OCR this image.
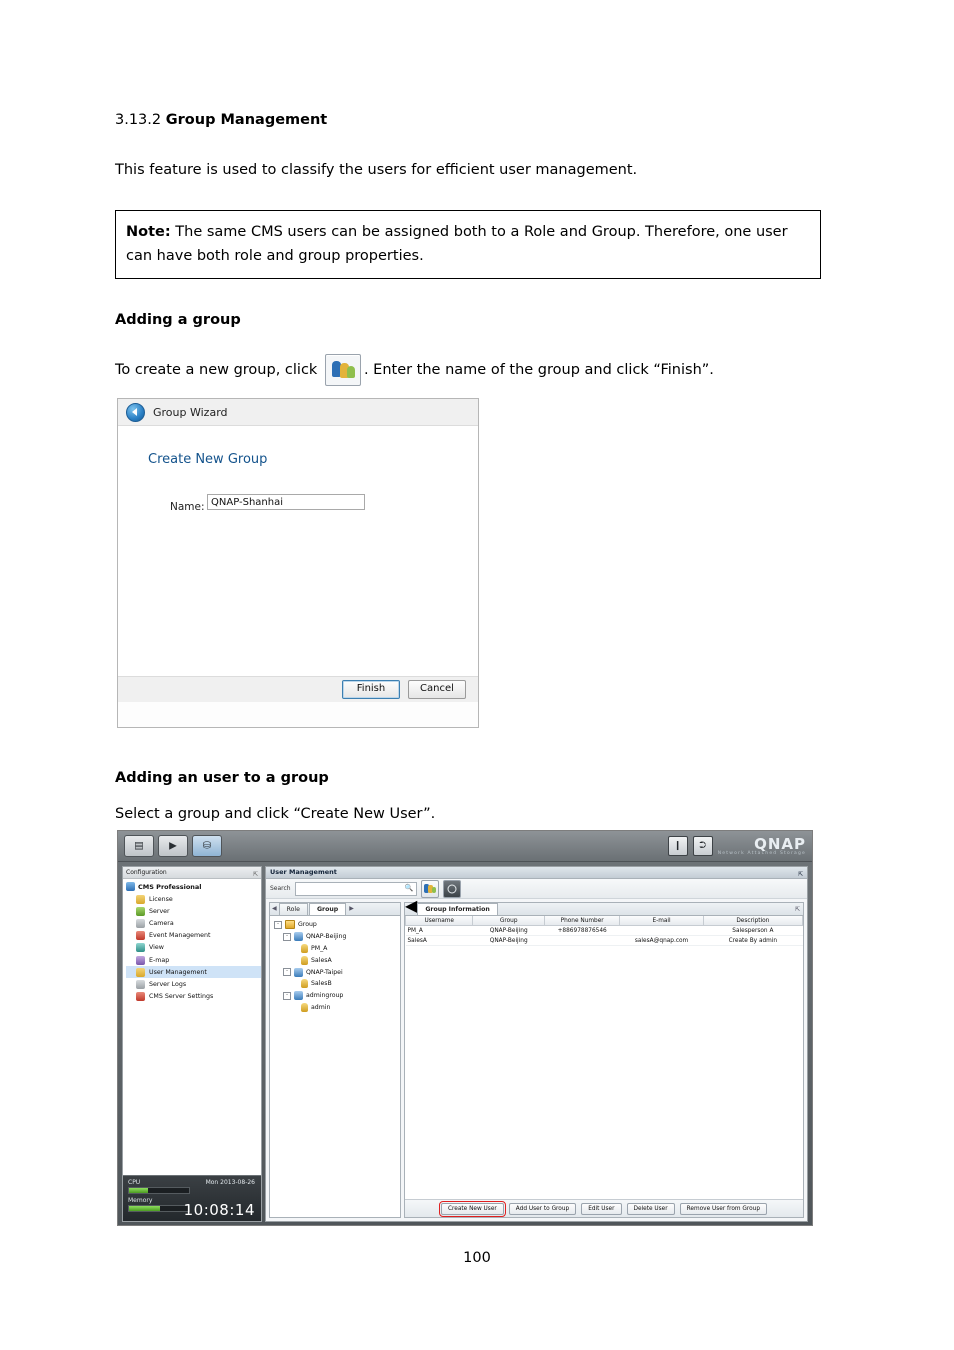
3.13.2 Group Management

This feature is used to classify the users for efficient user management.

Note: The same CMS users can be assigned both to a Role and Group. Therefore, one user can have both role and group properties.
Adding a group

To create a new group, click	. Enter the name of the group and click “Finish”.

Group Wizard
Create New Group
Name: QNAP-Shanhai
Finish	Cancel
Adding an user to a group

Select a group and click “Create New User”.

▤	▶	⛁	❙ ⮊	QNAP
Network Attached Storage
Configuration	⇱
CMS Professional
License
Server
Camera
Event Management
View
E-map
User Management
Server Logs
CMS Server Settings
CPU
Memory
Mon 2013-08-26
10:08:14
User Management	⇱
Search	🔍
◀	Role	Group	▶
-	Group
-	QNAP-Beijing
PM_A
SalesA
-	QNAP-Taipei
SalesB
-	admingroup
admin
◀	Group Information	⇱
Username	Group	Phone Number	E-mail	Description
PM_A	QNAP-Beijing	+886978876546		Salesperson A
SalesA	QNAP-Beijing		salesA@qnap.com	Create By admin
Create New User	Add User to Group	Edit User	Delete User	Remove User from Group
100
